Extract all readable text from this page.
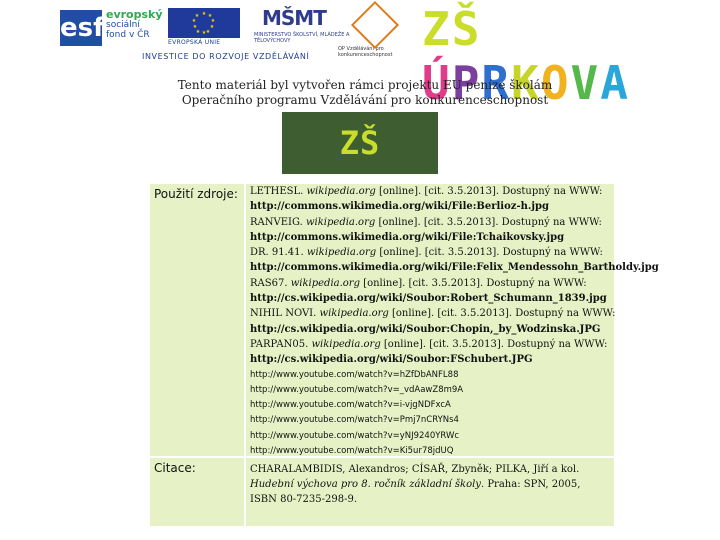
esf evropský
sociální
fond v ČR
★ ★
★
★
★
★
★
★
★
★
EVROPSKÁ UNIE
MŠMT
MINISTERSTVO ŠKOLSTVÍ, MLÁDEŽE A TĚLOVÝCHOVY
OP Vzdělávání pro konkurenceschopnost
INVESTICE DO ROZVOJE VZDĚLÁVÁNÍ
ZŠ ÚPRKOVA
Tento materiál byl vytvořen rámci projektu EU peníze školám
Operačního programu Vzdělávání pro konkurenceschopnost
ZŠ
Použití zdroje:	LETHESL. wikipedia.org [online]. [cit. 3.5.2013]. Dostupný na WWW:
http://commons.wikimedia.org/wiki/File:Berlioz-h.jpg
RANVEIG. wikipedia.org [online]. [cit. 3.5.2013]. Dostupný na WWW:
http://commons.wikimedia.org/wiki/File:Tchaikovsky.jpg
DR. 91.41. wikipedia.org [online]. [cit. 3.5.2013]. Dostupný na WWW:
http://commons.wikimedia.org/wiki/File:Felix_Mendessohn_Bartholdy.jpg
RAS67. wikipedia.org [online]. [cit. 3.5.2013]. Dostupný na WWW:
http://cs.wikipedia.org/wiki/Soubor:Robert_Schumann_1839.jpg
NIHIL NOVI. wikipedia.org [online]. [cit. 3.5.2013]. Dostupný na WWW:
http://cs.wikipedia.org/wiki/Soubor:Chopin,_by_Wodzinska.JPG
PARPAN05. wikipedia.org [online]. [cit. 3.5.2013]. Dostupný na WWW:
http://cs.wikipedia.org/wiki/Soubor:FSchubert.JPG
http://www.youtube.com/watch?v=hZfDbANFL88
http://www.youtube.com/watch?v=_vdAawZ8m9A
http://www.youtube.com/watch?v=i-vjgNDFxcA
http://www.youtube.com/watch?v=Pmj7nCRYNs4
http://www.youtube.com/watch?v=yNJ9240YRWc
http://www.youtube.com/watch?v=Ki5ur78jdUQ
Citace:	CHARALAMBIDIS, Alexandros; CÍSAŘ, Zbyněk; PILKA, Jiří a kol. Hudební výchova pro 8. ročník základní školy. Praha: SPN, 2005, ISBN 80-7235-298-9.
